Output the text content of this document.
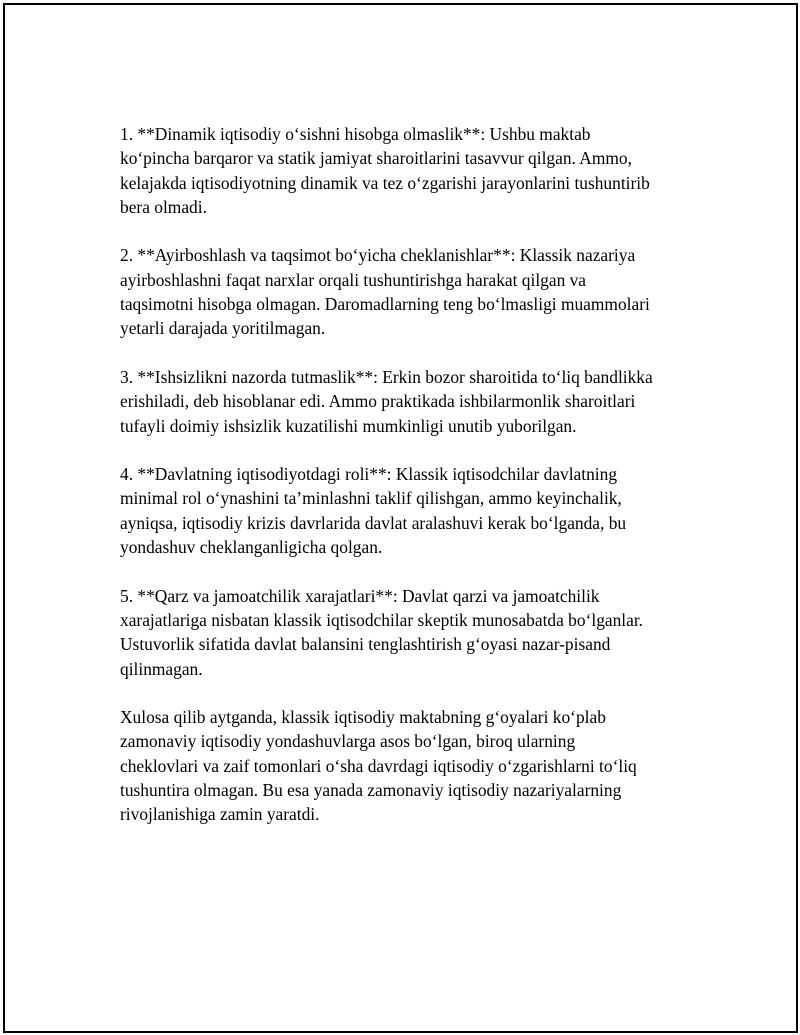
1. **Dinamik iqtisodiy o‘sishni hisobga olmaslik**: Ushbu maktab
ko‘pincha barqaror va statik jamiyat sharoitlarini tasavvur qilgan. Ammo,
kelajakda iqtisodiyotning dinamik va tez o‘zgarishi jarayonlarini tushuntirib
bera olmadi.

2. **Ayirboshlash va taqsimot bo‘yicha cheklanishlar**: Klassik nazariya
ayirboshlashni faqat narxlar orqali tushuntirishga harakat qilgan va
taqsimotni hisobga olmagan. Daromadlarning teng bo‘lmasligi muammolari
yetarli darajada yoritilmagan.

3. **Ishsizlikni nazorda tutmaslik**: Erkin bozor sharoitida to‘liq bandlikka
erishiladi, deb hisoblanar edi. Ammo praktikada ishbilarmonlik sharoitlari
tufayli doimiy ishsizlik kuzatilishi mumkinligi unutib yuborilgan.

4. **Davlatning iqtisodiyotdagi roli**: Klassik iqtisodchilar davlatning
minimal rol o‘ynashini ta’minlashni taklif qilishgan, ammo keyinchalik,
ayniqsa, iqtisodiy krizis davrlarida davlat aralashuvi kerak bo‘lganda, bu
yondashuv cheklanganligicha qolgan.

5. **Qarz va jamoatchilik xarajatlari**: Davlat qarzi va jamoatchilik
xarajatlariga nisbatan klassik iqtisodchilar skeptik munosabatda bo‘lganlar.
Ustuvorlik sifatida davlat balansini tenglashtirish g‘oyasi nazar-pisand
qilinmagan.

Xulosa qilib aytganda, klassik iqtisodiy maktabning g‘oyalari ko‘plab
zamonaviy iqtisodiy yondashuvlarga asos bo‘lgan, biroq ularning
cheklovlari va zaif tomonlari o‘sha davrdagi iqtisodiy o‘zgarishlarni to‘liq
tushuntira olmagan. Bu esa yanada zamonaviy iqtisodiy nazariyalarning
rivojlanishiga zamin yaratdi.
